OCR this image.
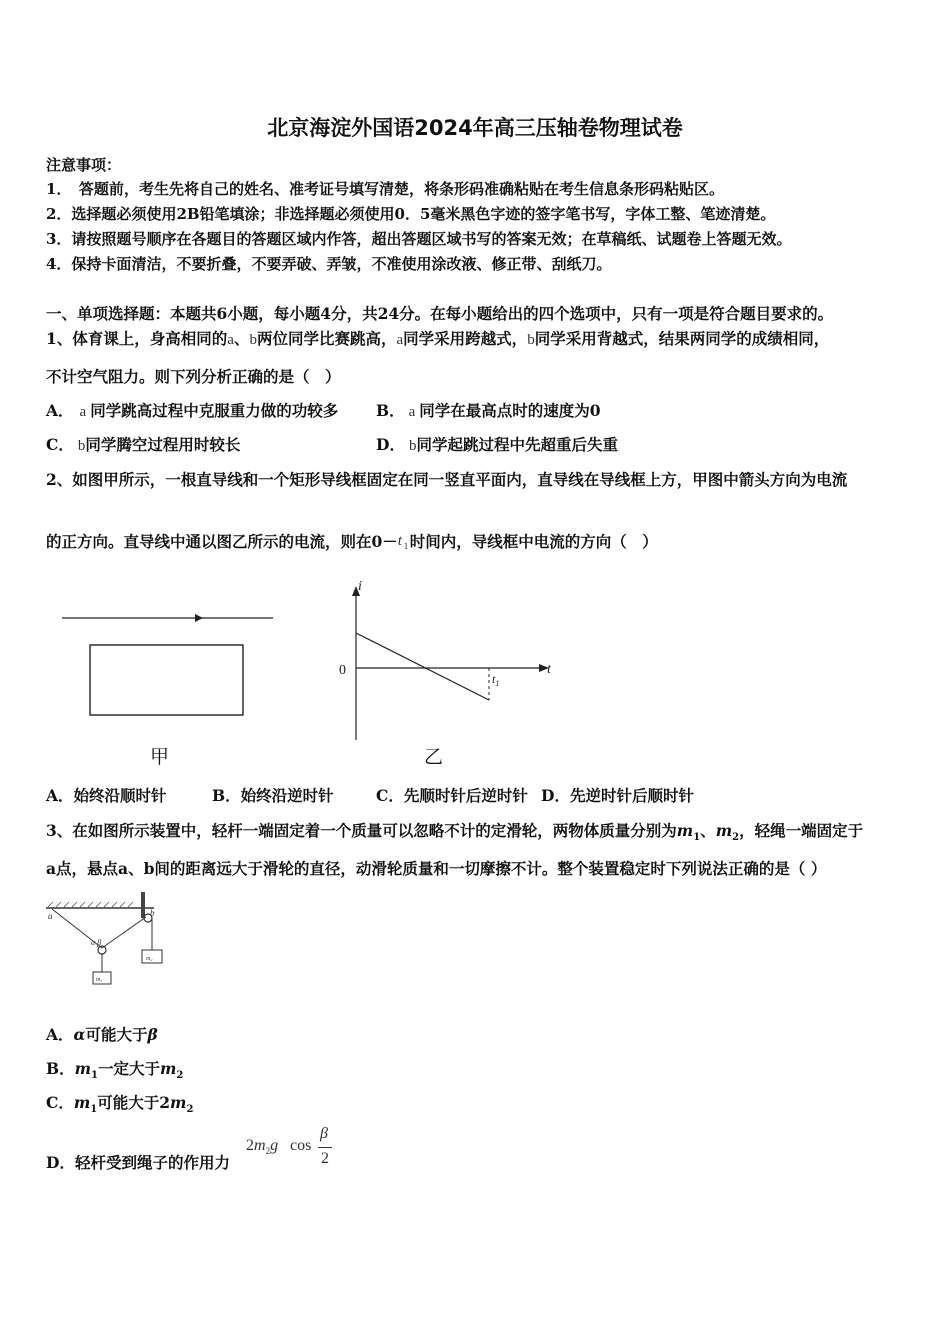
北京海淀外国语2024年高三压轴卷物理试卷
注意事项：
1．　答题前，考生先将自己的姓名、准考证号填写清楚，将条形码准确粘贴在考生信息条形码粘贴区。
2．选择题必须使用2B铅笔填涂；非选择题必须使用0．5毫米黑色字迹的签字笔书写，字体工整、笔迹清楚。
3．请按照题号顺序在各题目的答题区域内作答，超出答题区域书写的答案无效；在草稿纸、试题卷上答题无效。
4．保持卡面清洁，不要折叠，不要弄破、弄皱，不准使用涂改液、修正带、刮纸刀。
一、单项选择题：本题共6小题，每小题4分，共24分。在每小题给出的四个选项中，只有一项是符合题目要求的。
1、体育课上，身高相同的a、b两位同学比赛跳高，a同学采用跨越式，b同学采用背越式，结果两同学的成绩相同，
不计空气阻力。则下列分析正确的是（　）
A． a 同学跳高过程中克服重力做的功较多 B． a 同学在最高点时的速度为0
C． b同学腾空过程用时较长	D． b同学起跳过程中先超重后失重
2、如图甲所示，一根直导线和一个矩形导线框固定在同一竖直平面内，直导线在导线框上方，甲图中箭头方向为电流
的正方向。直导线中通以图乙所示的电流，则在0－ t 1 时间内，导线框中电流的方向（　）
i
t
0
$t_1$
甲	乙
A．始终沿顺时针	B．始终沿逆时针	C．先顺时针后逆时针 D．先逆时针后顺时针
3、在如图所示装置中，轻杆一端固定着一个质量可以忽略不计的定滑轮，两物体质量分别为$m_1$、$m_2$，轻绳一端固定于
a点，悬点a、b间的距离远大于滑轮的直径，动滑轮质量和一切摩擦不计。整个装置稳定时下列说法正确的是（ ）
a	b
α β
m₁
m₂
A．α可能大于β
B．$m_1$一定大于$m_2$
C．$m_1$可能大于$2m_2$
D．轻杆受到绳子的作用力
$2m_2g$ cos
β
2
